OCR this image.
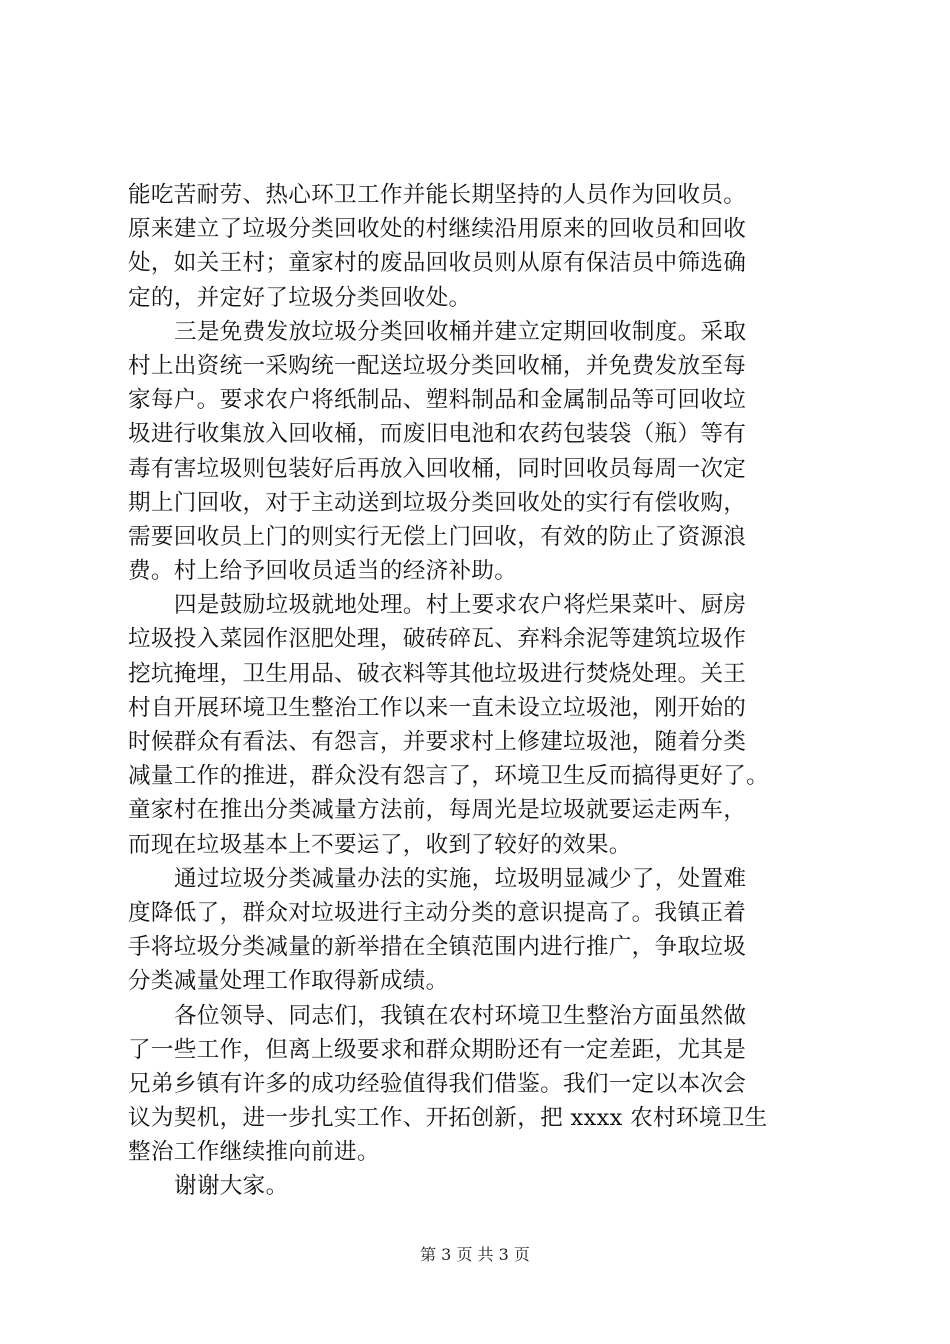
能吃苦耐劳、热心环卫工作并能长期坚持的人员作为回收员。
原来建立了垃圾分类回收处的村继续沿用原来的回收员和回收
处，如关王村；童家村的废品回收员则从原有保洁员中筛选确
定的，并定好了垃圾分类回收处。
三是免费发放垃圾分类回收桶并建立定期回收制度。采取
村上出资统一采购统一配送垃圾分类回收桶，并免费发放至每
家每户。要求农户将纸制品、塑料制品和金属制品等可回收垃
圾进行收集放入回收桶，而废旧电池和农药包装袋（瓶）等有
毒有害垃圾则包装好后再放入回收桶，同时回收员每周一次定
期上门回收，对于主动送到垃圾分类回收处的实行有偿收购，
需要回收员上门的则实行无偿上门回收，有效的防止了资源浪
费。村上给予回收员适当的经济补助。
四是鼓励垃圾就地处理。村上要求农户将烂果菜叶、厨房
垃圾投入菜园作沤肥处理，破砖碎瓦、弃料余泥等建筑垃圾作
挖坑掩埋，卫生用品、破衣料等其他垃圾进行焚烧处理。关王
村自开展环境卫生整治工作以来一直未设立垃圾池，刚开始的
时候群众有看法、有怨言，并要求村上修建垃圾池，随着分类
减量工作的推进，群众没有怨言了，环境卫生反而搞得更好了。
童家村在推出分类减量方法前，每周光是垃圾就要运走两车，
而现在垃圾基本上不要运了，收到了较好的效果。
通过垃圾分类减量办法的实施，垃圾明显减少了，处置难
度降低了，群众对垃圾进行主动分类的意识提高了。我镇正着
手将垃圾分类减量的新举措在全镇范围内进行推广，争取垃圾
分类减量处理工作取得新成绩。
各位领导、同志们，我镇在农村环境卫生整治方面虽然做
了一些工作，但离上级要求和群众期盼还有一定差距，尤其是
兄弟乡镇有许多的成功经验值得我们借鉴。我们一定以本次会
议为契机，进一步扎实工作、开拓创新，把 xxxx 农村环境卫生
整治工作继续推向前进。
谢谢大家。
第 3 页 共 3 页
